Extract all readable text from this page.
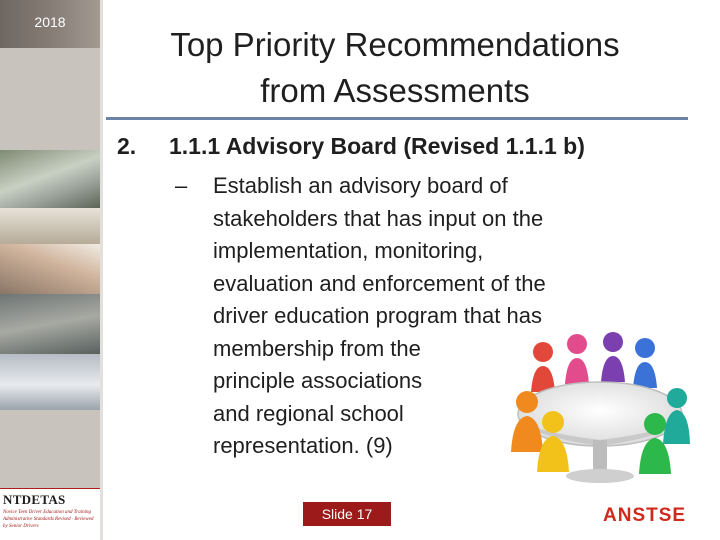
2018
NTDETAS
Novice Teen Driver Education and Training Administrative Standards Revised · Reviewed by Senior Drivers
Top Priority Recommendations
from Assessments
2. 1.1.1 Advisory Board (Revised 1.1.1 b)
– Establish an advisory board of
stakeholders that has input on the
implementation, monitoring,
evaluation and enforcement of the
driver education program that has
membership from the
principle associations
and regional school
representation. (9)
Slide 17	ANSTSE
